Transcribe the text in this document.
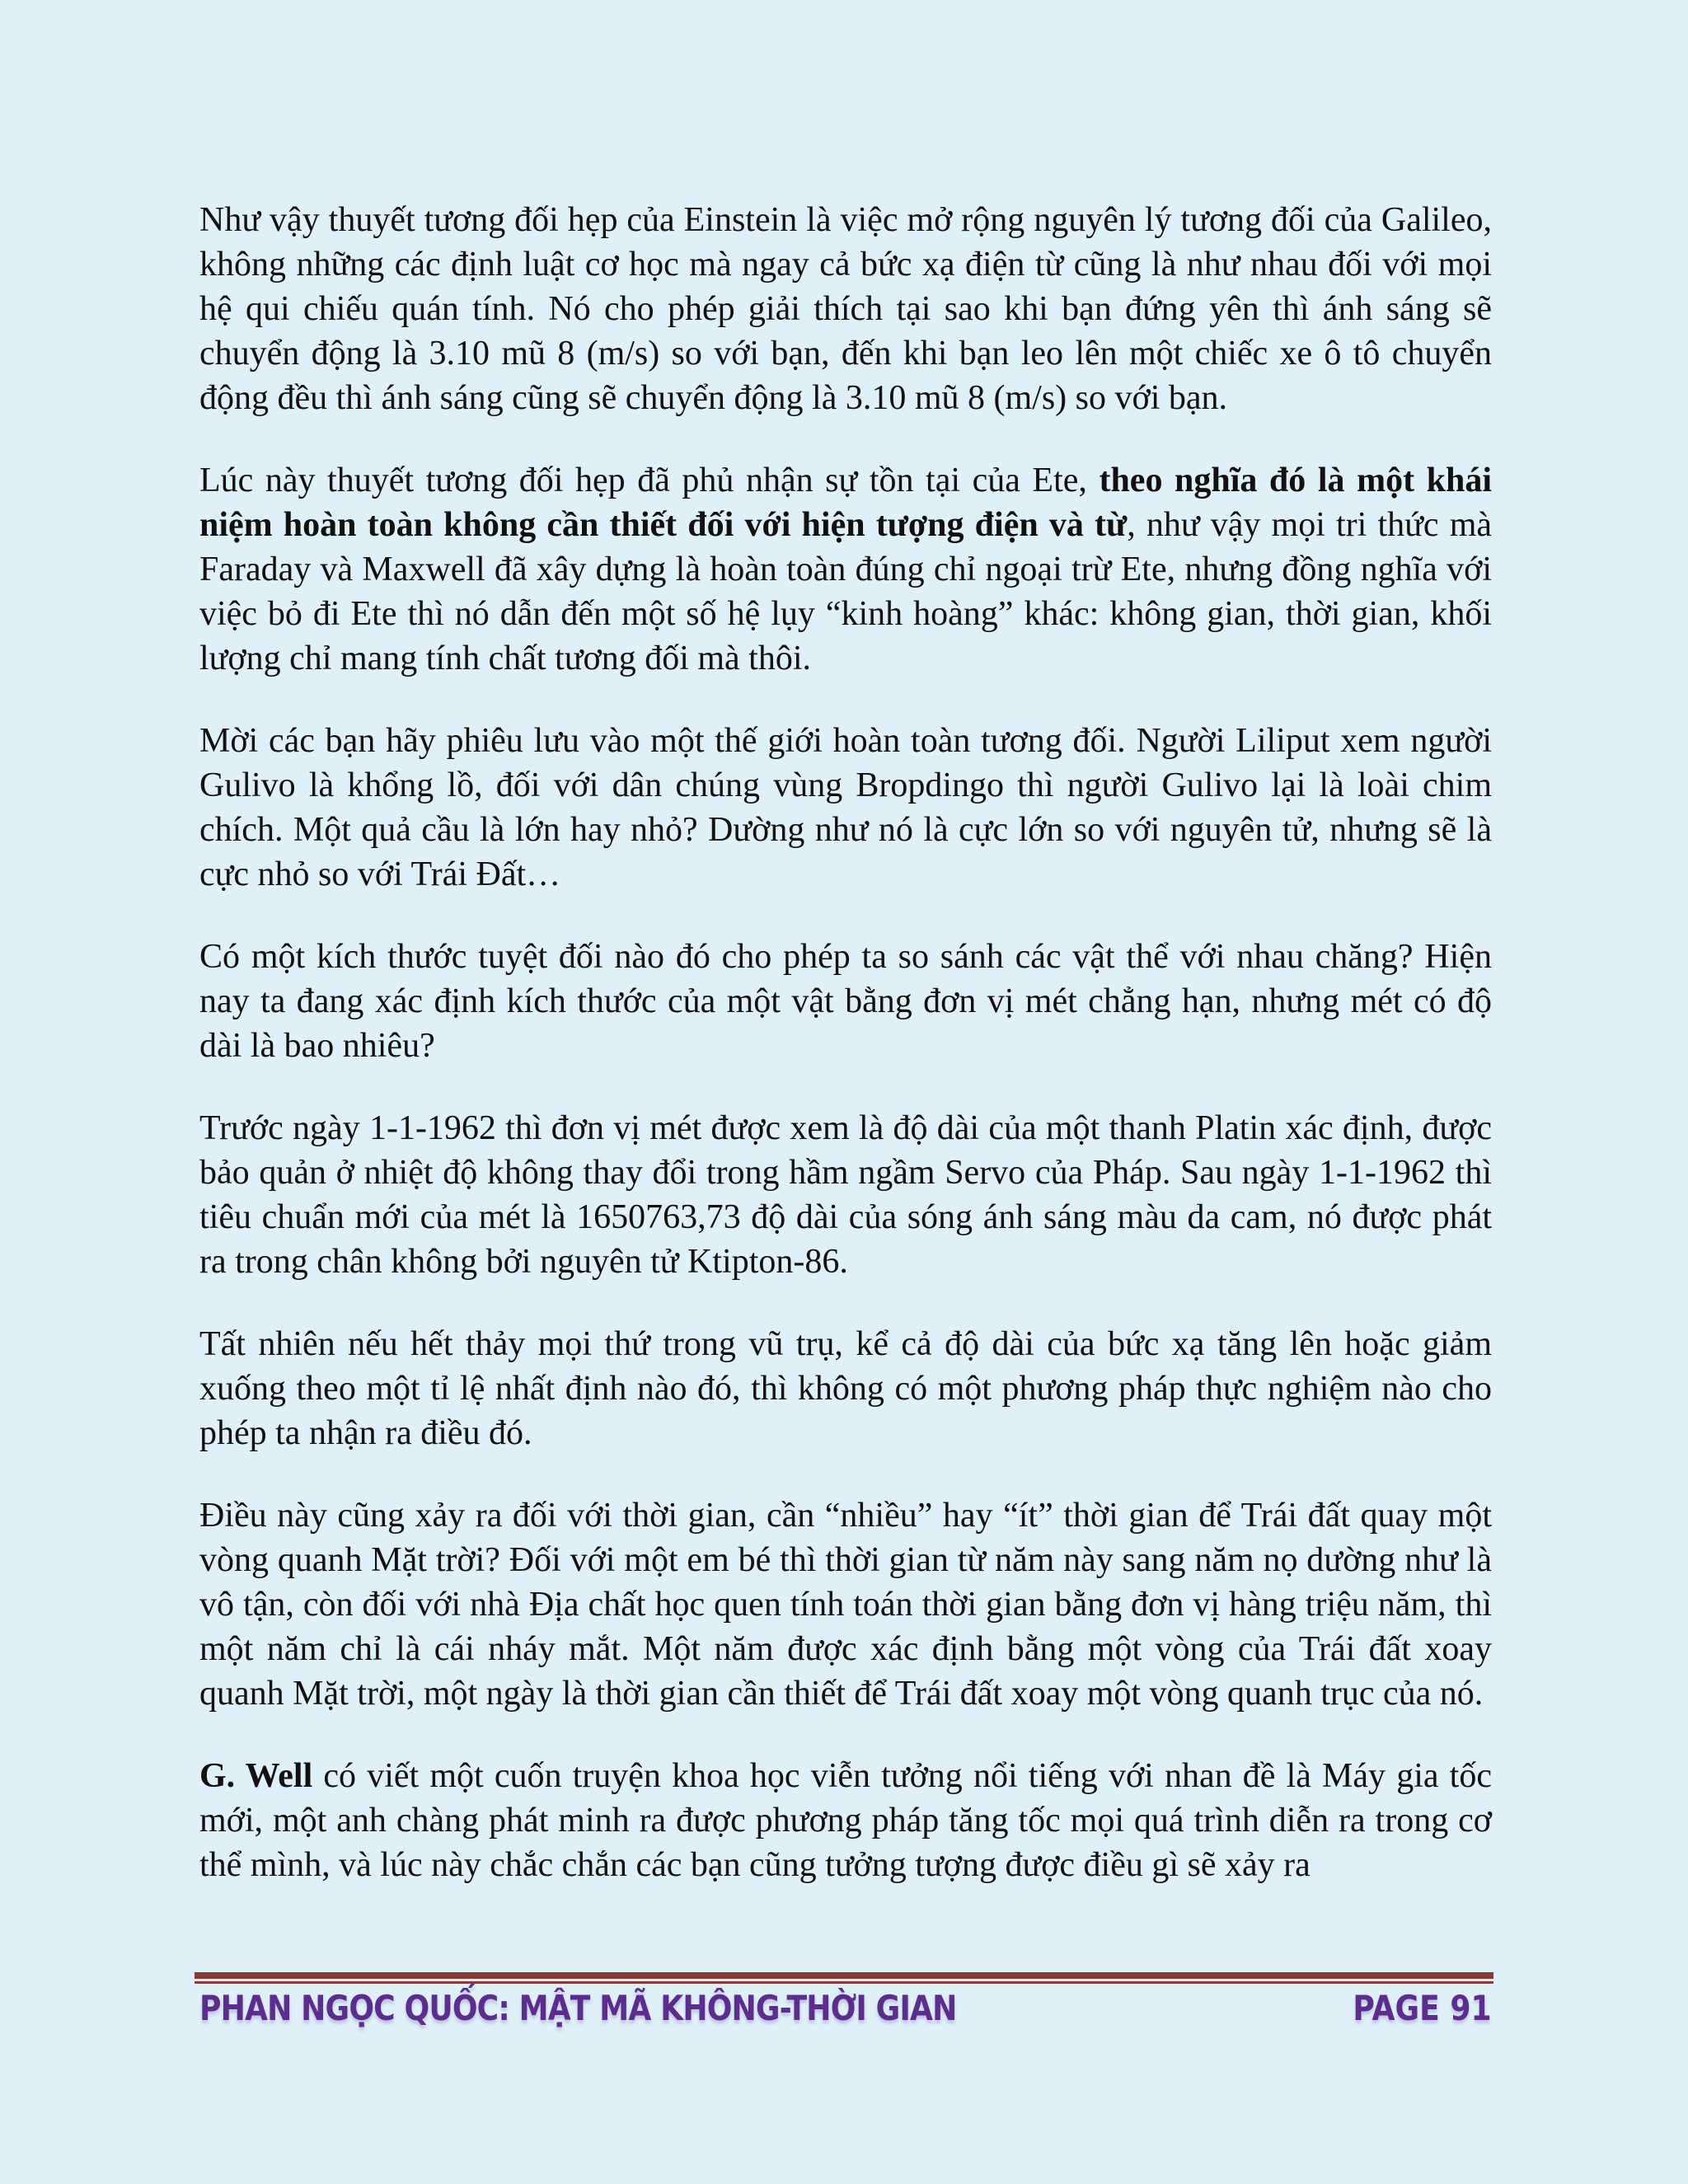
Như vậy thuyết tương đối hẹp của Einstein là việc mở rộng nguyên lý tương đối của Galileo, không những các định luật cơ học mà ngay cả bức xạ điện từ cũng là như nhau đối với mọi hệ qui chiếu quán tính. Nó cho phép giải thích tại sao khi bạn đứng yên thì ánh sáng sẽ chuyển động là 3.10 mũ 8 (m/s) so với bạn, đến khi bạn leo lên một chiếc xe ô tô chuyển động đều thì ánh sáng cũng sẽ chuyển động là 3.10 mũ 8 (m/s) so với bạn.

Lúc này thuyết tương đối hẹp đã phủ nhận sự tồn tại của Ete, theo nghĩa đó là một khái niệm hoàn toàn không cần thiết đối với hiện tượng điện và từ, như vậy mọi tri thức mà Faraday và Maxwell đã xây dựng là hoàn toàn đúng chỉ ngoại trừ Ete, nhưng đồng nghĩa với việc bỏ đi Ete thì nó dẫn đến một số hệ lụy “kinh hoàng” khác: không gian, thời gian, khối lượng chỉ mang tính chất tương đối mà thôi.

Mời các bạn hãy phiêu lưu vào một thế giới hoàn toàn tương đối. Người Liliput xem người Gulivo là khổng lồ, đối với dân chúng vùng Bropdingo thì người Gulivo lại là loài chim chích. Một quả cầu là lớn hay nhỏ? Dường như nó là cực lớn so với nguyên tử, nhưng sẽ là cực nhỏ so với Trái Đất…

Có một kích thước tuyệt đối nào đó cho phép ta so sánh các vật thể với nhau chăng? Hiện nay ta đang xác định kích thước của một vật bằng đơn vị mét chẳng hạn, nhưng mét có độ dài là bao nhiêu?

Trước ngày 1-1-1962 thì đơn vị mét được xem là độ dài của một thanh Platin xác định, được bảo quản ở nhiệt độ không thay đổi trong hầm ngầm Servo của Pháp. Sau ngày 1-1-1962 thì tiêu chuẩn mới của mét là 1650763,73 độ dài của sóng ánh sáng màu da cam, nó được phát ra trong chân không bởi nguyên tử Ktipton-86.

Tất nhiên nếu hết thảy mọi thứ trong vũ trụ, kể cả độ dài của bức xạ tăng lên hoặc giảm xuống theo một tỉ lệ nhất định nào đó, thì không có một phương pháp thực nghiệm nào cho phép ta nhận ra điều đó.

Điều này cũng xảy ra đối với thời gian, cần “nhiều” hay “ít” thời gian để Trái đất quay một vòng quanh Mặt trời? Đối với một em bé thì thời gian từ năm này sang năm nọ dường như là vô tận, còn đối với nhà Địa chất học quen tính toán thời gian bằng đơn vị hàng triệu năm, thì một năm chỉ là cái nháy mắt. Một năm được xác định bằng một vòng của Trái đất xoay quanh Mặt trời, một ngày là thời gian cần thiết để Trái đất xoay một vòng quanh trục của nó.

G. Well có viết một cuốn truyện khoa học viễn tưởng nổi tiếng với nhan đề là Máy gia tốc mới, một anh chàng phát minh ra được phương pháp tăng tốc mọi quá trình diễn ra trong cơ thể mình, và lúc này chắc chắn các bạn cũng tưởng tượng được điều gì sẽ xảy ra

PHAN NGỌC QUỐC: MẬT MÃ KHÔNG-THỜI GIAN	PAGE 91
